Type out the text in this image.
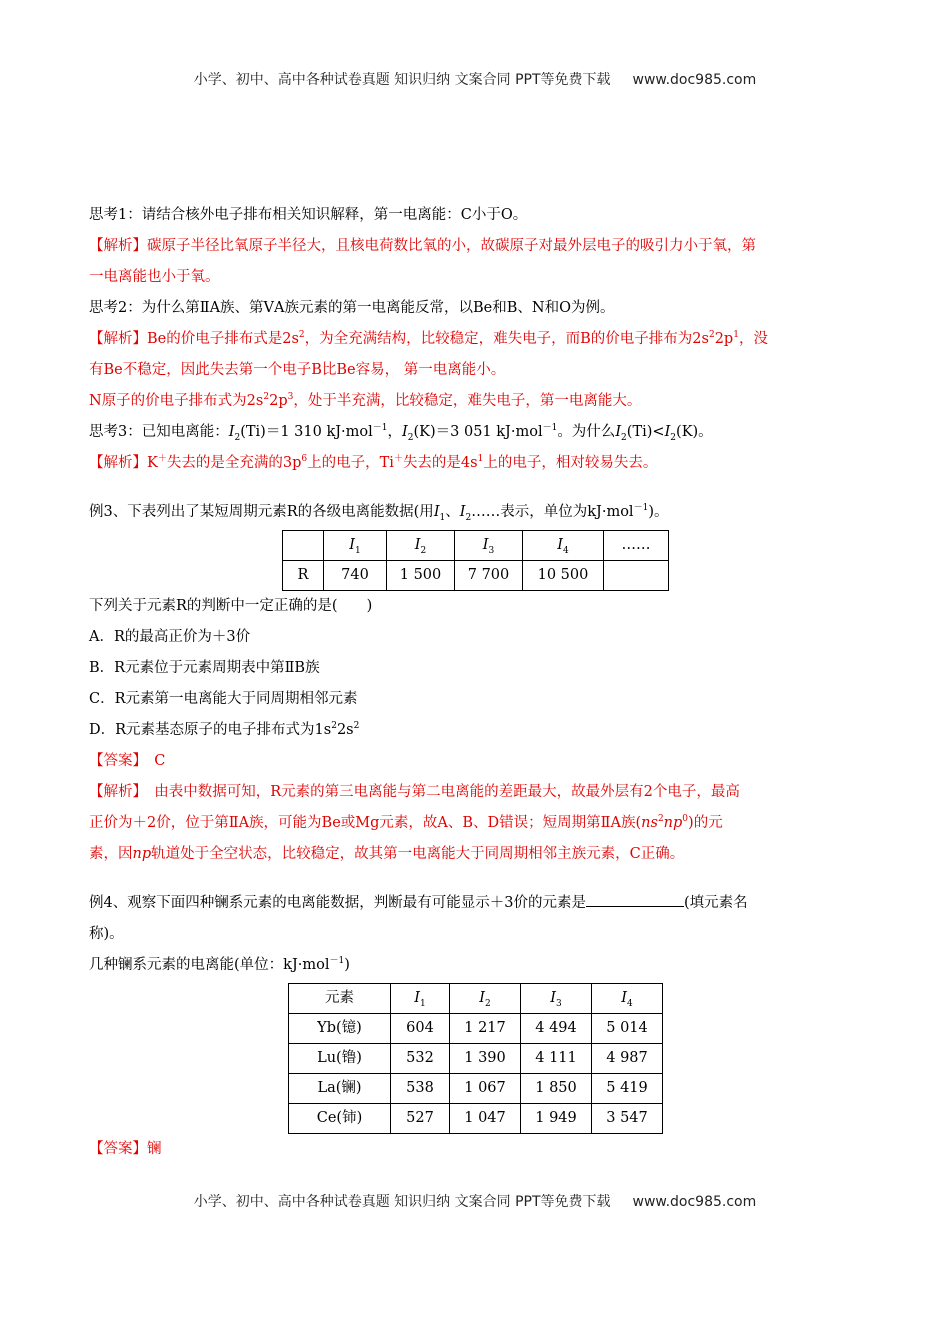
小学、初中、高中各种试卷真题 知识归纳 文案合同 PPT等免费下载 www.doc985.com
思考1：请结合核外电子排布相关知识解释，第一电离能：C小于O。
【解析】碳原子半径比氧原子半径大，且核电荷数比氧的小，故碳原子对最外层电子的吸引力小于氧，第
一电离能也小于氧。
思考2：为什么第ⅡA族、第ⅤA族元素的第一电离能反常，以Be和B、N和O为例。
【解析】Be的价电子排布式是$2s^2$，为全充满结构，比较稳定，难失电子，而B的价电子排布为$2s^22p^1$，没
有Be不稳定，因此失去第一个电子B比Be容易， 第一电离能小。
N原子的价电子排布式为$2s^22p^3$，处于半充满，比较稳定，难失电子，第一电离能大。
思考3：已知电离能：$I_2(Ti)=1$ 310 kJ·mol$^{-1}$，$I_2(K)=3$ 051 kJ·mol$^{-1}$。为什么$I_2(Ti)<I_2(K)$。
【解析】K＋失去的是全充满的$3p^6$上的电子，Ti＋失去的是$4s^1$上的电子，相对较易失去。
例3、下表列出了某短周期元素R的各级电离能数据(用$I_1$、$I_2\dots\dots$表示，单位为kJ·mol$^{-1}$)。
	$I_1$	$I_2$	$I_3$	$I_4$	……
R	740	1 500	7 700	10 500	
下列关于元素R的判断中一定正确的是(　　)
A．R的最高正价为＋3价
B．R元素位于元素周期表中第ⅡB族
C．R元素第一电离能大于同周期相邻元素
D．R元素基态原子的电子排布式为$1s^22s^2$
【答案】　C
【解析】　由表中数据可知，R元素的第三电离能与第二电离能的差距最大，故最外层有2个电子，最高
正价为＋2价，位于第ⅡA族，可能为Be或Mg元素，故A、B、D错误；短周期第ⅡA族$(ns^2np^0)$的元
素，因np轨道处于全空状态，比较稳定，故其第一电离能大于同周期相邻主族元素，C正确。
例4、观察下面四种镧系元素的电离能数据，判断最有可能显示＋3价的元素是	(填元素名
称)。
几种镧系元素的电离能(单位：kJ·mol$^{-1}$)
元素	$I_1$	$I_2$	$I_3$	$I_4$
Yb(镱)	604	1 217	4 494	5 014
Lu(镥)	532	1 390	4 111	4 987
La(镧)	538	1 067	1 850	5 419
Ce(铈)	527	1 047	1 949	3 547
【答案】镧
小学、初中、高中各种试卷真题 知识归纳 文案合同 PPT等免费下载 www.doc985.com
